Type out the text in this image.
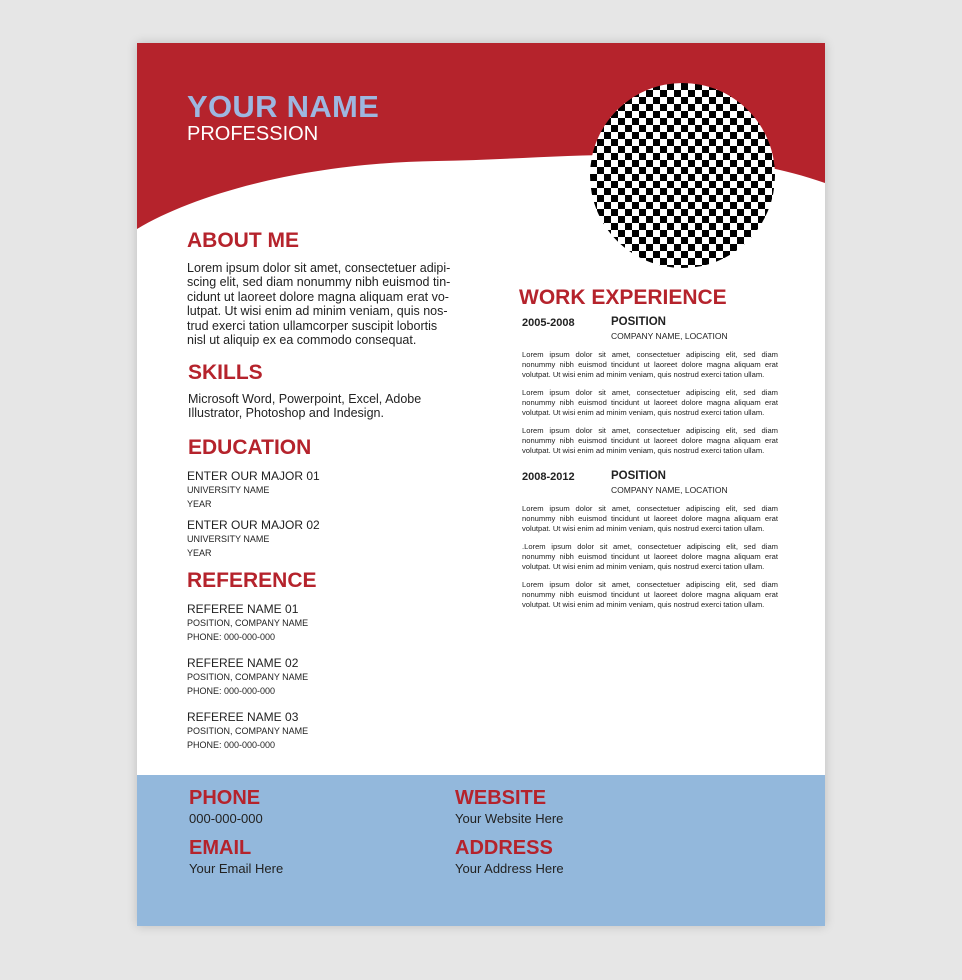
YOUR NAME
PROFESSION
ABOUT ME
Lorem ipsum dolor sit amet, consectetuer adipi-
scing elit, sed diam nonummy nibh euismod tin-
cidunt ut laoreet dolore magna aliquam erat vo-
lutpat. Ut wisi enim ad minim veniam, quis nos-
trud exerci tation ullamcorper suscipit lobortis
nisl ut aliquip ex ea commodo consequat.
SKILLS
Microsoft Word, Powerpoint, Excel, Adobe
Illustrator, Photoshop and Indesign.
EDUCATION
ENTER OUR MAJOR 01
UNIVERSITY NAME
YEAR
ENTER OUR MAJOR 02
UNIVERSITY NAME
YEAR
REFERENCE
REFEREE NAME 01
POSITION, COMPANY NAME
PHONE: 000-000-000
REFEREE NAME 02
POSITION, COMPANY NAME
PHONE: 000-000-000
REFEREE NAME 03
POSITION, COMPANY NAME
PHONE: 000-000-000
WORK EXPERIENCE
2005-2008	POSITION
COMPANY NAME, LOCATION
Lorem ipsum dolor sit amet, consectetuer adipiscing elit, sed diam nonummy nibh euismod tincidunt ut laoreet dolore magna aliquam erat volutpat. Ut wisi enim ad minim veniam, quis nostrud exerci tation ullam.
Lorem ipsum dolor sit amet, consectetuer adipiscing elit, sed diam nonummy nibh euismod tincidunt ut laoreet dolore magna aliquam erat volutpat. Ut wisi enim ad minim veniam, quis nostrud exerci tation ullam.
Lorem ipsum dolor sit amet, consectetuer adipiscing elit, sed diam nonummy nibh euismod tincidunt ut laoreet dolore magna aliquam erat volutpat. Ut wisi enim ad minim veniam, quis nostrud exerci tation ullam.
2008-2012	POSITION
COMPANY NAME, LOCATION
Lorem ipsum dolor sit amet, consectetuer adipiscing elit, sed diam nonummy nibh euismod tincidunt ut laoreet dolore magna aliquam erat volutpat. Ut wisi enim ad minim veniam, quis nostrud exerci tation ullam.
.Lorem ipsum dolor sit amet, consectetuer adipiscing elit, sed diam nonummy nibh euismod tincidunt ut laoreet dolore magna aliquam erat volutpat. Ut wisi enim ad minim veniam, quis nostrud exerci tation ullam.
Lorem ipsum dolor sit amet, consectetuer adipiscing elit, sed diam nonummy nibh euismod tincidunt ut laoreet dolore magna aliquam erat volutpat. Ut wisi enim ad minim veniam, quis nostrud exerci tation ullam.
PHONE
000-000-000
WEBSITE
Your Website Here
EMAIL
Your Email Here
ADDRESS
Your Address Here
